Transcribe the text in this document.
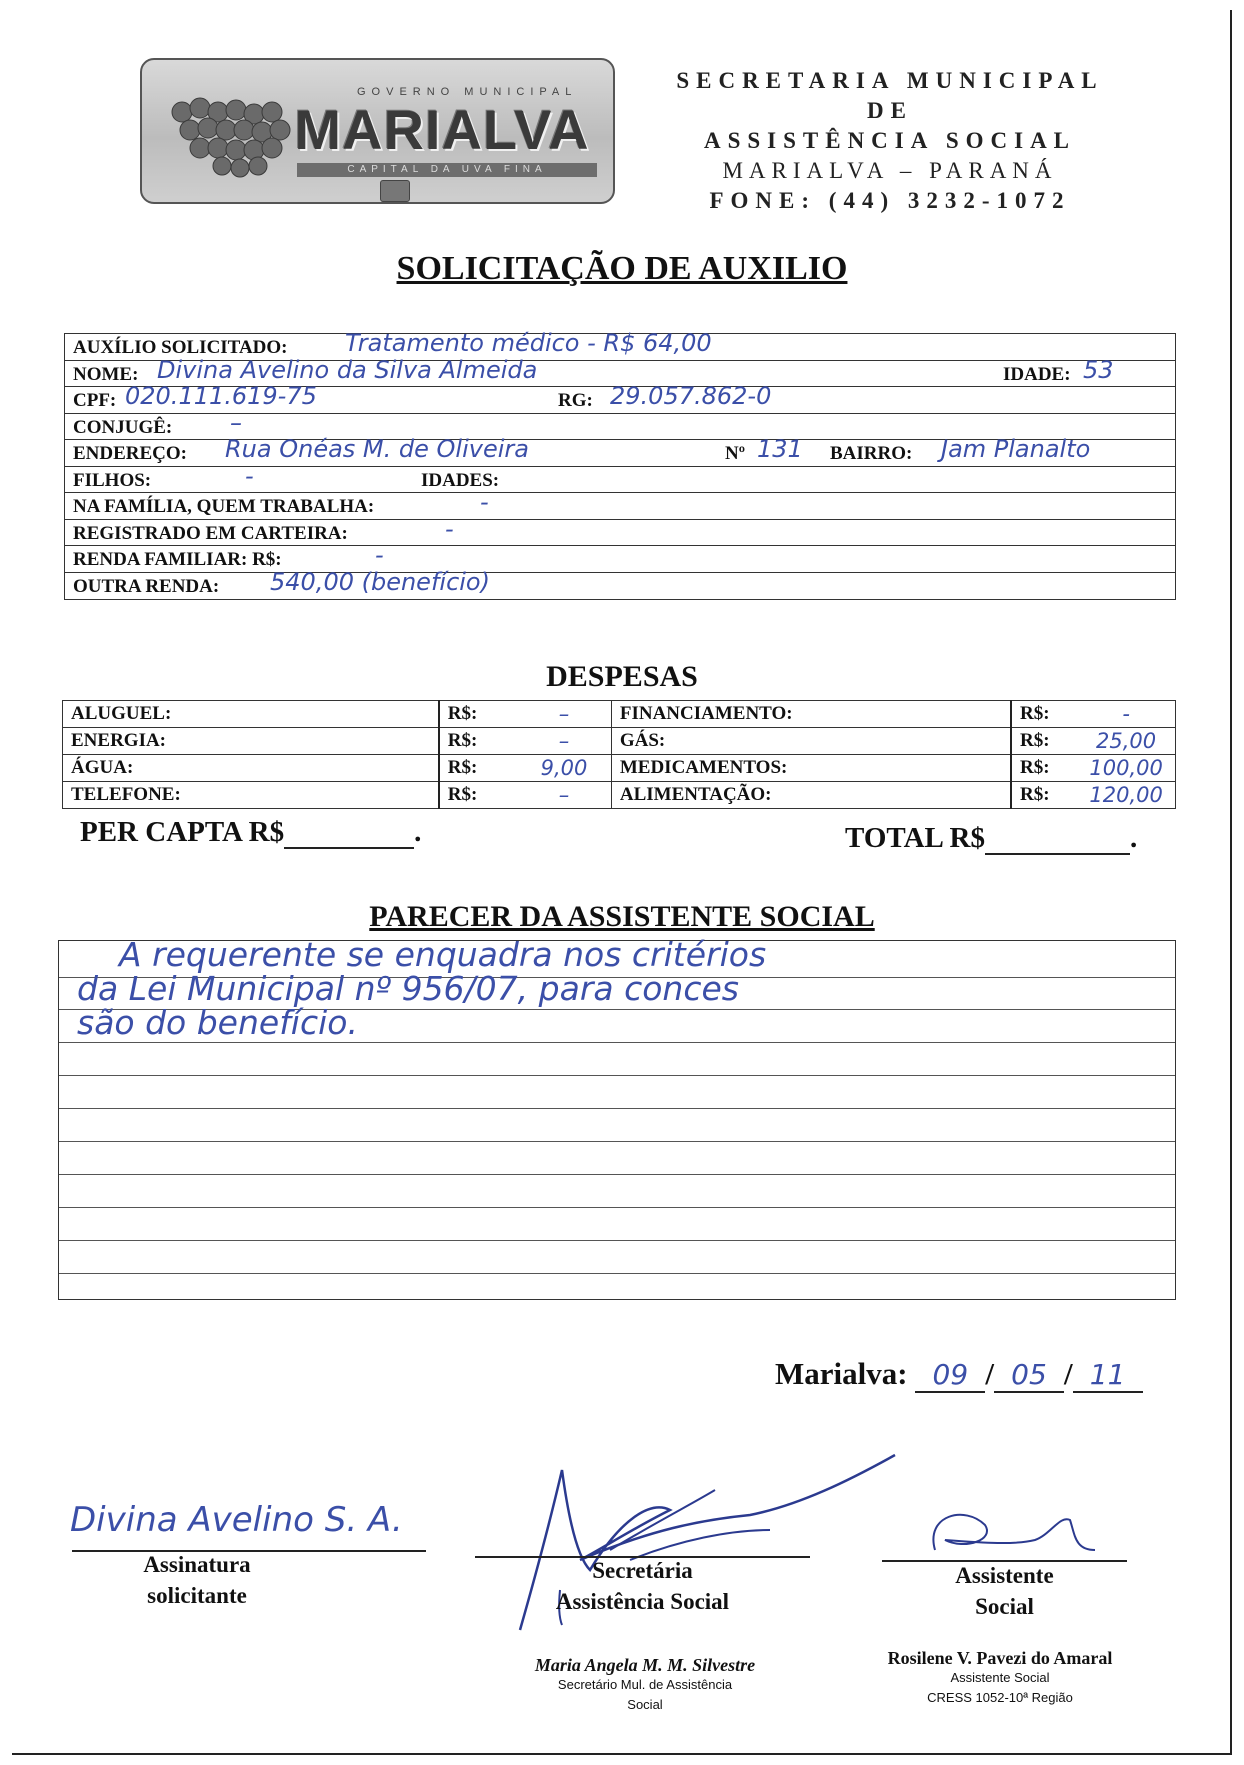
GOVERNO MUNICIPAL
MARIALVA
CAPITAL DA UVA FINA
SECRETARIA MUNICIPAL
DE
ASSISTÊNCIA SOCIAL
MARIALVA – PARANÁ
FONE: (44) 3232-1072
SOLICITAÇÃO DE AUXILIO
AUXÍLIO SOLICITADO: Tratamento médico - R$ 64,00
NOME: Divina Avelino da Silva Almeida	IDADE: 53
CPF: 020.111.619-75	RG: 29.057.862-0
CONJUGÊ: –
ENDEREÇO: Rua Onéas M. de Oliveira	Nº 131 BAIRRO: Jam Planalto
FILHOS:	-	IDADES:
NA FAMÍLIA, QUEM TRABALHA:	-
REGISTRADO EM CARTEIRA:	-
RENDA FAMILIAR: R$:	-
OUTRA RENDA: 540,00 (benefício)
DESPESAS
ALUGUEL:	R$:	–	FINANCIAMENTO:	R$:	-
ENERGIA:	R$:	–	GÁS:	R$:	25,00
ÁGUA:	R$:	9,00	MEDICAMENTOS:	R$:	100,00
TELEFONE:	R$:	–	ALIMENTAÇÃO:	R$:	120,00
PER CAPTA R$	.	TOTAL R$	.
PARECER DA ASSISTENTE SOCIAL
A requerente se enquadra nos critérios
da Lei Municipal nº 956/07, para conces
são do benefício.
Marialva: 09 / 05 / 11
Divina Avelino S. A.
Assinatura
solicitante
Secretária
Assistência Social
Maria Angela M. M. Silvestre
Secretário Mul. de Assistência
Social
Assistente
Social
Rosilene V. Pavezi do Amaral
Assistente Social
CRESS 1052-10ª Região
